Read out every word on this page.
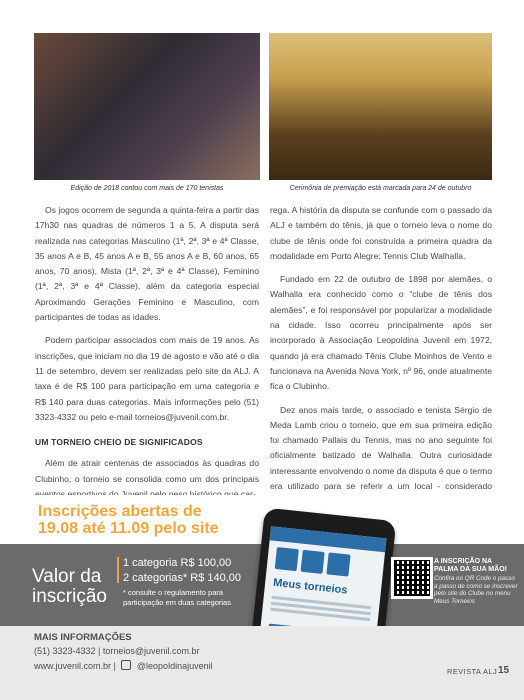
Edição de 2018 contou com mais de 170 tenistas	Cerimônia de premiação está marcada para 24 de outubro

Os jogos ocorrem de segunda a quinta-feira a partir das 17h30 nas quadras de números 1 a 5. A disputa será realizada nas categorias Masculino (1ª, 2ª, 3ª e 4ª Classe, 35 anos A e B, 45 anos A e B, 55 anos A e B, 60 anos, 65 anos, 70 anos), Mista (1ª, 2ª, 3ª e 4ª Classe), Feminino (1ª, 2ª, 3ª e 4ª Classe), além da categoria especial Aproximando Gerações Feminino e Masculino, com participantes de todas as idades.

Podem participar associados com mais de 19 anos. As inscrições, que iniciam no dia 19 de agosto e vão até o dia 11 de setembro, devem ser realizadas pelo site da ALJ. A taxa é de R$ 100 para participação em uma categoria e R$ 140 para duas categorias. Mais informações pelo (51) 3323-4332 ou pelo e-mail torneios@juvenil.com.br.

UM TORNEIO CHEIO DE SIGNIFICADOS

Além de atrair centenas de associados às quadras do Clubinho, o torneio se consolida como um dos principais

rega. A história da disputa se confunde com o passado da ALJ e também do tênis, já que o torneio leva o nome do clube de tênis onde foi construída a primeira quadra da modalidade em Porto Alegre: Tennis Club Walhalla.

Fundado em 22 de outubro de 1898 por alemães, o Walhalla era conhecido como o “clube de tênis dos alemães”, e foi responsável por popularizar a modalidade na cidade. Isso ocorreu principalmente após ser incorporado à Associação Leopoldina Juvenil em 1972, quando já era chamado Tênis Clube Moinhos de Vento e funcionava na Avenida Nova York, nº 96, onde atualmente fica o Clubinho.

Dez anos mais tarde, o associado e tenista Sérgio de Meda Lamb criou o torneio, que em sua primeira edição foi chamado Pallais du Tennis, mas no ano seguinte foi oficialmente batizado de Walhalla. Outra curiosidade interessante envolvendo o nome da disputa é que o termo era utilizado para se referir a um local - considerado

Inscrições abertas de
19.08 até 11.09 pelo site
Valor da
inscrição
1 categoria R$ 100,00
2 categorias* R$ 140,00
* consulte o regulamento para participação em duas categorias
Meus torneios
A INSCRIÇÃO NA PALMA DA SUA MÃO!
Confira no QR Code o passo a passo de como se inscrever pelo site do Clube no menu Meus Torneios
MAIS INFORMAÇÕES
(51) 3323-4332 | torneios@juvenil.com.br
www.juvenil.com.br | @leopoldinajuvenil
REVISTA ALJ 15
